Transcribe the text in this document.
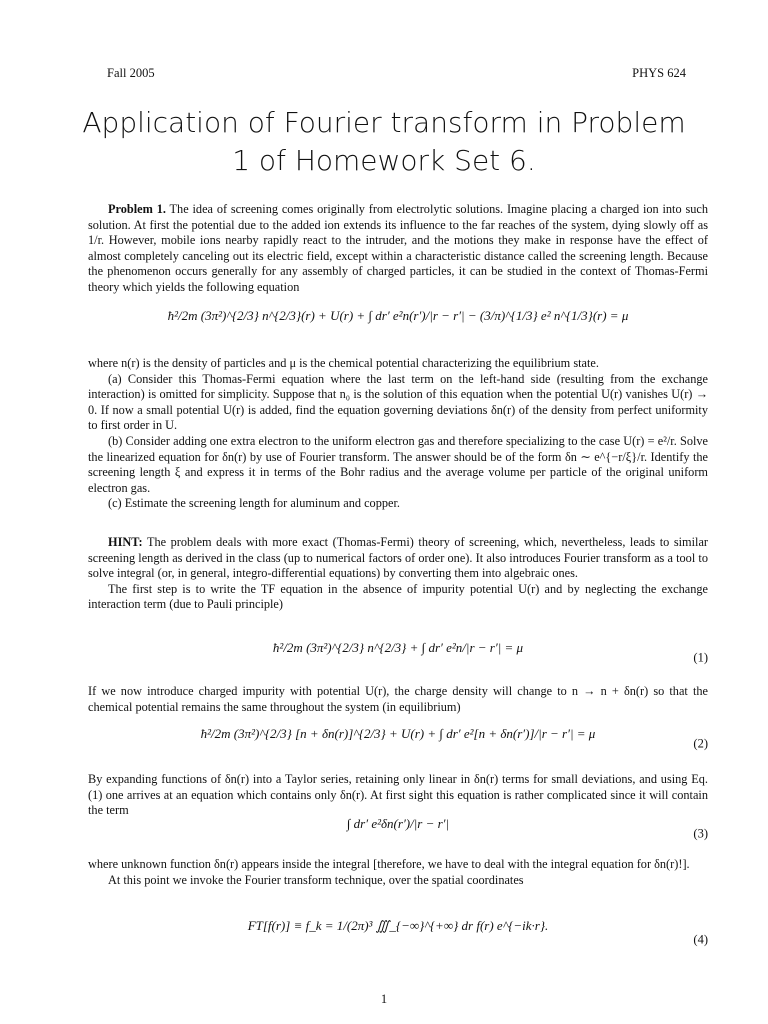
Fall 2005	PHYS 624
Application of Fourier transform in Problem 1 of Homework Set 6.

Problem 1. The idea of screening comes originally from electrolytic solutions. Imagine placing a charged ion into such solution. At first the potential due to the added ion extends its influence to the far reaches of the system, dying slowly off as 1/r. However, mobile ions nearby rapidly react to the intruder, and the motions they make in response have the effect of almost completely canceling out its electric field, except within a characteristic distance called the screening length. Because the phenomenon occurs generally for any assembly of charged particles, it can be studied in the context of Thomas-Fermi theory which yields the following equation

ħ²/2m (3π²)^{2/3} n^{2/3}(r) + U(r) + ∫ dr′ e²n(r′)/|r − r′| − (3/π)^{1/3} e² n^{1/3}(r) = μ

where n(r) is the density of particles and μ is the chemical potential characterizing the equilibrium state.

(a) Consider this Thomas-Fermi equation where the last term on the left-hand side (resulting from the exchange interaction) is omitted for simplicity. Suppose that n₀ is the solution of this equation when the potential U(r) vanishes U(r) → 0. If now a small potential U(r) is added, find the equation governing deviations δn(r) of the density from perfect uniformity to first order in U.

(b) Consider adding one extra electron to the uniform electron gas and therefore specializing to the case U(r) = e²/r. Solve the linearized equation for δn(r) by use of Fourier transform. The answer should be of the form δn ∼ e^{−r/ξ}/r. Identify the screening length ξ and express it in terms of the Bohr radius and the average volume per particle of the original uniform electron gas.

(c) Estimate the screening length for aluminum and copper.

HINT: The problem deals with more exact (Thomas-Fermi) theory of screening, which, nevertheless, leads to similar screening length as derived in the class (up to numerical factors of order one). It also introduces Fourier transform as a tool to solve integral (or, in general, integro-differential equations) by converting them into algebraic ones.

The first step is to write the TF equation in the absence of impurity potential U(r) and by neglecting the exchange interaction term (due to Pauli principle)

ħ²/2m (3π²)^{2/3} n^{2/3} + ∫ dr′ e²n/|r − r′| = μ
(1)

If we now introduce charged impurity with potential U(r), the charge density will change to n → n + δn(r) so that the chemical potential remains the same throughout the system (in equilibrium)

ħ²/2m (3π²)^{2/3} [n + δn(r)]^{2/3} + U(r) + ∫ dr′ e²[n + δn(r′)]/|r − r′| = μ
(2)

By expanding functions of δn(r) into a Taylor series, retaining only linear in δn(r) terms for small deviations, and using Eq. (1) one arrives at an equation which contains only δn(r). At first sight this equation is rather complicated since it will contain the term

∫ dr′ e²δn(r′)/|r − r′|
(3)

where unknown function δn(r) appears inside the integral [therefore, we have to deal with the integral equation for δn(r)!].

At this point we invoke the Fourier transform technique, over the spatial coordinates

FT[f(r)] ≡ f_k = 1/(2π)³ ∭_{−∞}^{+∞} dr f(r) e^{−ik·r}.
(4)
1
